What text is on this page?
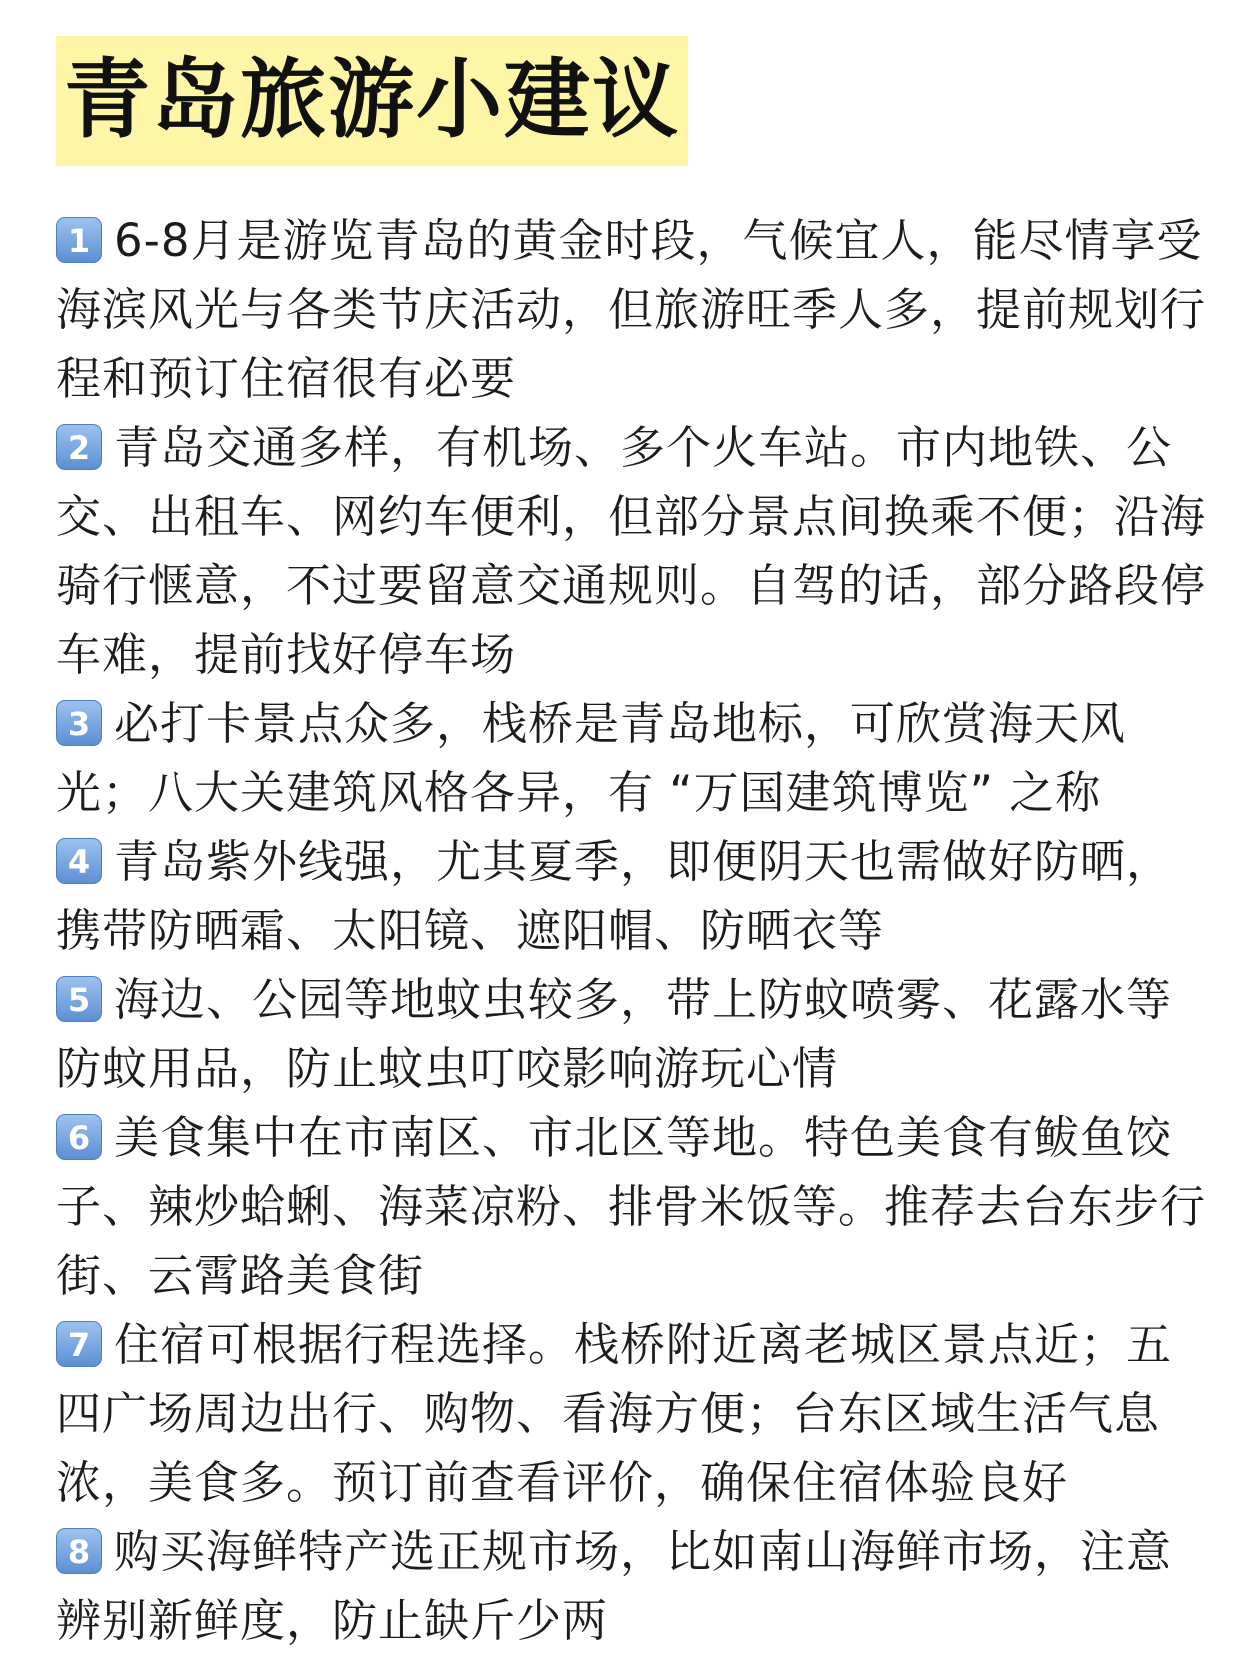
青岛旅游小建议
1 6-8月是游览青岛的黄金时段，气候宜人，能尽情享受海滨风光与各类节庆活动，但旅游旺季人多，提前规划行程和预订住宿很有必要
2 青岛交通多样，有机场、多个火车站。市内地铁、公交、出租车、网约车便利，但部分景点间换乘不便；沿海骑行惬意，不过要留意交通规则。自驾的话，部分路段停车难，提前找好停车场
3 必打卡景点众多，栈桥是青岛地标，可欣赏海天风光；八大关建筑风格各异，有 “万国建筑博览” 之称
4 青岛紫外线强，尤其夏季，即便阴天也需做好防晒，携带防晒霜、太阳镜、遮阳帽、防晒衣等
5 海边、公园等地蚊虫较多，带上防蚊喷雾、花露水等防蚊用品，防止蚊虫叮咬影响游玩心情
6 美食集中在市南区、市北区等地。特色美食有鲅鱼饺子、辣炒蛤蜊、海菜凉粉、排骨米饭等。推荐去台东步行街、云霄路美食街
7 住宿可根据行程选择。栈桥附近离老城区景点近；五四广场周边出行、购物、看海方便；台东区域生活气息浓，美食多。预订前查看评价，确保住宿体验良好
8 购买海鲜特产选正规市场，比如南山海鲜市场，注意辨别新鲜度，防止缺斤少两
